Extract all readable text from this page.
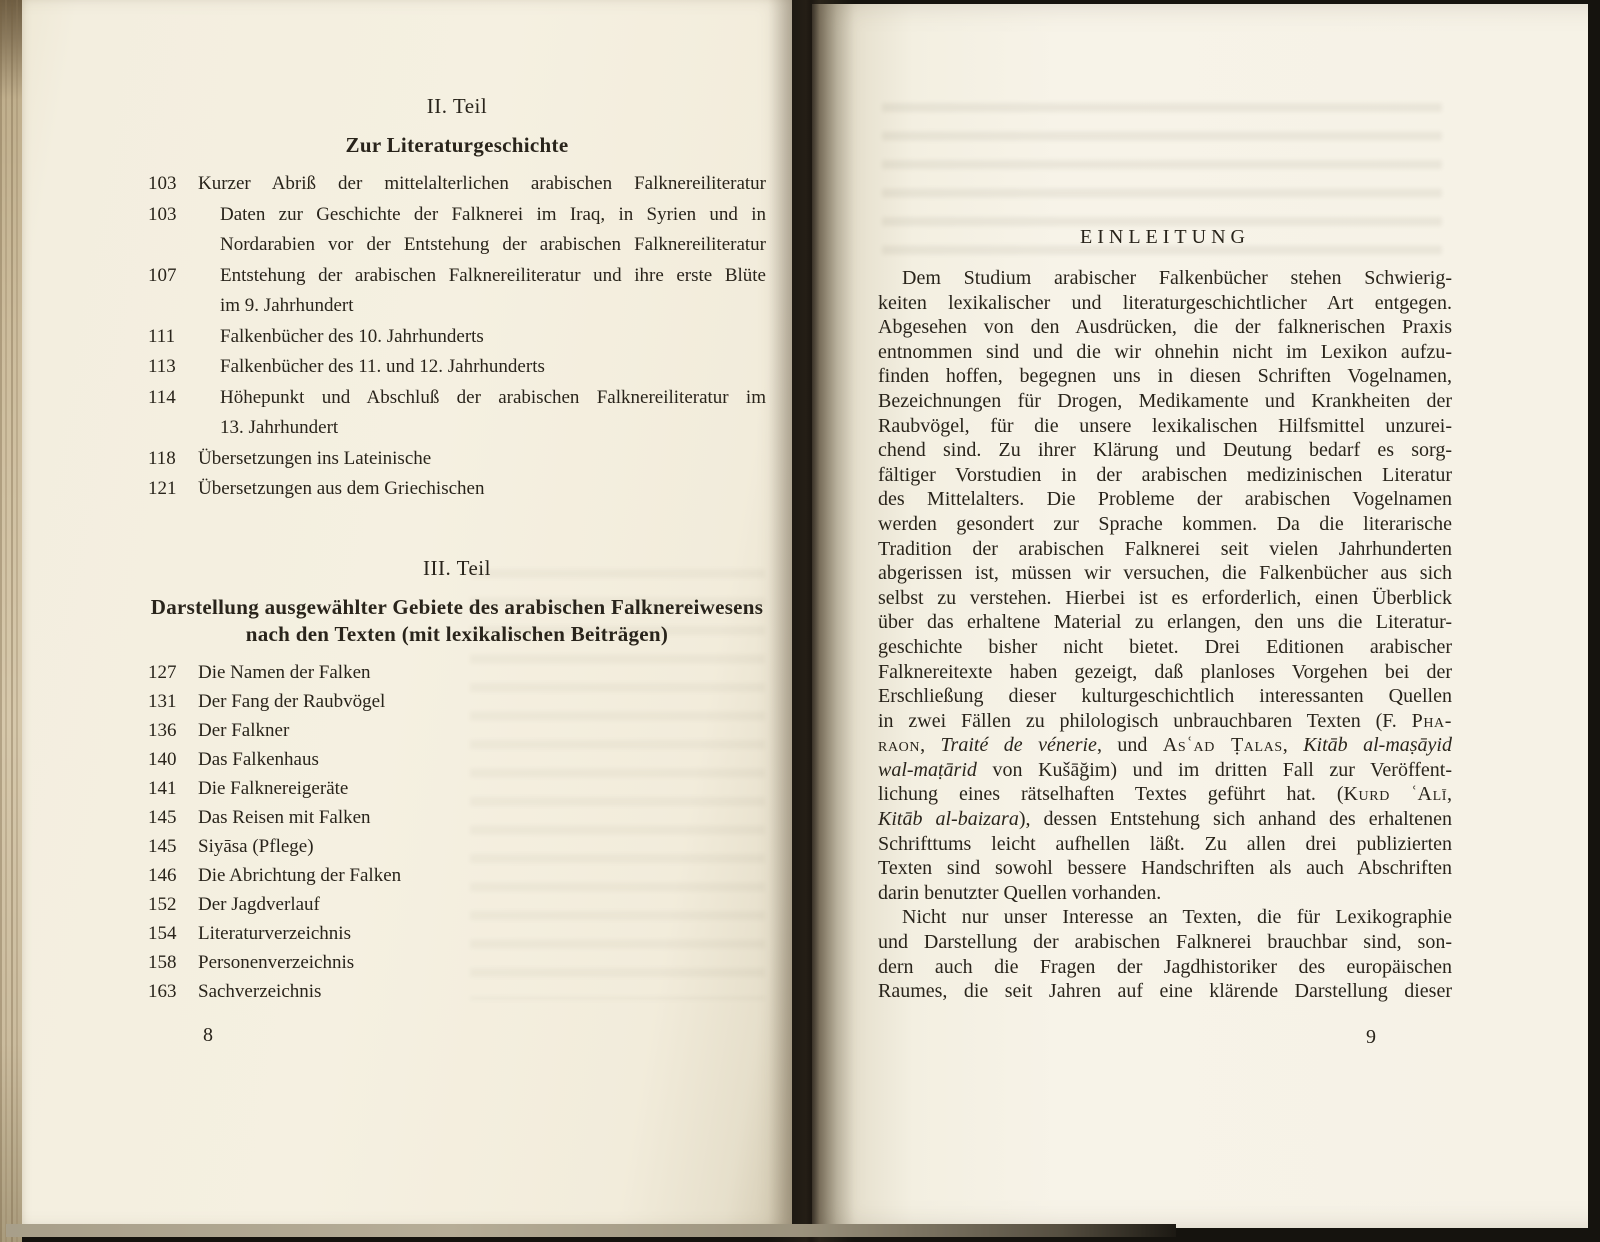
II. Teil
Zur Literaturgeschichte
103 Kurzer Abriß der mittelalterlichen arabischen Falknereiliteratur
103 Daten zur Geschichte der Falknerei im Iraq, in Syrien und in
Nordarabien vor der Entstehung der arabischen Falknereiliteratur
107 Entstehung der arabischen Falknereiliteratur und ihre erste Blüte
im 9. Jahrhundert
111	Falkenbücher des 10. Jahrhunderts
113	Falkenbücher des 11. und 12. Jahrhunderts
114	Höhepunkt und Abschluß der arabischen Falknereiliteratur im
13. Jahrhundert
118	Übersetzungen ins Lateinische
121 Übersetzungen aus dem Griechischen
III. Teil
Darstellung ausgewählter Gebiete des arabischen Falknereiwesens
nach den Texten (mit lexikalischen Beiträgen)
127 Die Namen der Falken
131 Der Fang der Raubvögel
136 Der Falkner
140 Das Falkenhaus
141 Die Falknereigeräte
145 Das Reisen mit Falken
145 Siyāsa (Pflege)
146 Die Abrichtung der Falken
152 Der Jagdverlauf
154 Literaturverzeichnis
158 Personenverzeichnis
163 Sachverzeichnis
8
EINLEITUNG
Dem Studium arabischer Falkenbücher stehen Schwierig-
keiten lexikalischer und literaturgeschichtlicher Art entgegen.
Abgesehen von den Ausdrücken, die der falknerischen Praxis
entnommen sind und die wir ohnehin nicht im Lexikon aufzu-
finden hoffen, begegnen uns in diesen Schriften Vogelnamen,
Bezeichnungen für Drogen, Medikamente und Krankheiten der
Raubvögel, für die unsere lexikalischen Hilfsmittel unzurei-
chend sind. Zu ihrer Klärung und Deutung bedarf es sorg-
fältiger Vorstudien in der arabischen medizinischen Literatur
des Mittelalters. Die Probleme der arabischen Vogelnamen
werden gesondert zur Sprache kommen. Da die literarische
Tradition der arabischen Falknerei seit vielen Jahrhunderten
abgerissen ist, müssen wir versuchen, die Falkenbücher aus sich
selbst zu verstehen. Hierbei ist es erforderlich, einen Überblick
über das erhaltene Material zu erlangen, den uns die Literatur-
geschichte bisher nicht bietet. Drei Editionen arabischer
Falknereitexte haben gezeigt, daß planloses Vorgehen bei der
Erschließung dieser kulturgeschichtlich interessanten Quellen
in zwei Fällen zu philologisch unbrauchbaren Texten (F. Pha-
raon, Traité de vénerie, und Asʿad Ṭalas, Kitāb al-maṣāyid
wal-maṭārid von Kušāğim) und im dritten Fall zur Veröffent-
lichung eines rätselhaften Textes geführt hat. (Kurd ʿAlī,
Kitāb al-baizara), dessen Entstehung sich anhand des erhaltenen
Schrifttums leicht aufhellen läßt. Zu allen drei publizierten
Texten sind sowohl bessere Handschriften als auch Abschriften
darin benutzter Quellen vorhanden.
Nicht nur unser Interesse an Texten, die für Lexikographie
und Darstellung der arabischen Falknerei brauchbar sind, son-
dern auch die Fragen der Jagdhistoriker des europäischen
Raumes, die seit Jahren auf eine klärende Darstellung dieser
9
